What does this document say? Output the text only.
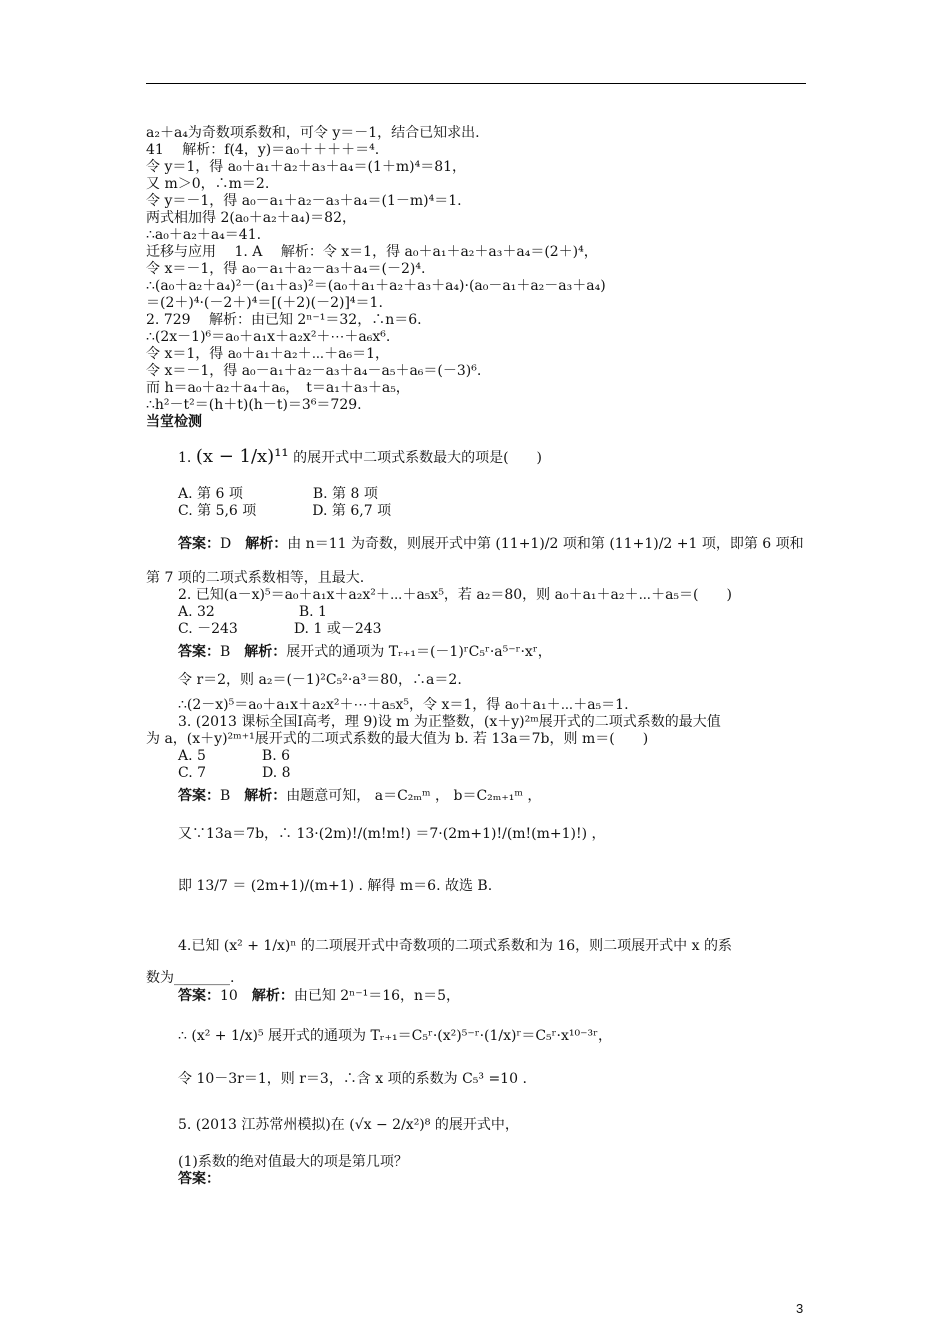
a₂＋a₄为奇数项系数和，可令 y＝－1，结合已知求出.
41　 解析：f(4，y)＝a₀＋＋＋＋＝⁴.
令 y＝1，得 a₀＋a₁＋a₂＋a₃＋a₄＝(1＋m)⁴＝81，
又 m＞0，∴m＝2.
令 y＝－1，得 a₀－a₁＋a₂－a₃＋a₄＝(1－m)⁴＝1.
两式相加得 2(a₀＋a₂＋a₄)＝82，
∴a₀＋a₂＋a₄＝41.
迁移与应用　 1. A　 解析：令 x＝1，得 a₀＋a₁＋a₂＋a₃＋a₄＝(2＋)⁴，
令 x＝－1，得 a₀－a₁＋a₂－a₃＋a₄＝(－2)⁴.
∴(a₀＋a₂＋a₄)²－(a₁＋a₃)²＝(a₀＋a₁＋a₂＋a₃＋a₄)·(a₀－a₁＋a₂－a₃＋a₄)
＝(2＋)⁴·(－2＋)⁴＝[(＋2)(－2)]⁴＝1.
2. 729　 解析：由已知 2ⁿ⁻¹＝32，∴n＝6.
∴(2x－1)⁶＝a₀＋a₁x＋a₂x²＋⋯＋a₆x⁶.
令 x＝1，得 a₀＋a₁＋a₂＋⋯＋a₆＝1，
令 x＝－1，得 a₀－a₁＋a₂－a₃＋a₄－a₅＋a₆＝(－3)⁶.
而 h＝a₀＋a₂＋a₄＋a₆，　t＝a₁＋a₃＋a₅，
∴h²－t²＝(h＋t)(h－t)＝3⁶＝729.
当堂检测
1. (x − 1/x)¹¹ 的展开式中二项式系数最大的项是(　　)
A. 第 6 项　　　　　B. 第 8 项
C. 第 5,6 项　　　　D. 第 6,7 项
答案：D　解析：由 n＝11 为奇数，则展开式中第 (11+1)/2 项和第 (11+1)/2 +1 项，即第 6 项和
第 7 项的二项式系数相等，且最大.
2. 已知(a－x)⁵＝a₀＋a₁x＋a₂x²＋⋯＋a₅x⁵，若 a₂＝80，则 a₀＋a₁＋a₂＋⋯＋a₅＝(　　)
A. 32　　　　　　B. 1
C. －243　　　　D. 1 或－243
答案：B　解析：展开式的通项为 Tᵣ₊₁＝(－1)ʳC₅ʳ·a⁵⁻ʳ·xʳ，
令 r＝2，则 a₂＝(－1)²C₅²·a³＝80，∴a＝2.
∴(2－x)⁵＝a₀＋a₁x＋a₂x²＋⋯＋a₅x⁵，令 x＝1，得 a₀＋a₁＋⋯＋a₅＝1.
3. (2013 课标全国Ⅰ高考，理 9)设 m 为正整数，(x＋y)²ᵐ展开式的二项式系数的最大值
为 a，(x＋y)²ᵐ⁺¹展开式的二项式系数的最大值为 b. 若 13a＝7b，则 m＝(　　)
A. 5　　　　B. 6
C. 7　　　　D. 8
答案：B　解析：由题意可知， a＝C₂ₘᵐ ， b＝C₂ₘ₊₁ᵐ ，
又∵13a＝7b，∴ 13·(2m)!/(m!m!) ＝7·(2m+1)!/(m!(m+1)!) ，
即 13/7 ＝ (2m+1)/(m+1) . 解得 m＝6. 故选 B.
4.已知 (x² + 1/x)ⁿ 的二项展开式中奇数项的二项式系数和为 16，则二项展开式中 x 的系
数为________.
答案：10　解析：由已知 2ⁿ⁻¹＝16，n＝5，
∴ (x² + 1/x)⁵ 展开式的通项为 Tᵣ₊₁＝C₅ʳ·(x²)⁵⁻ʳ·(1/x)ʳ＝C₅ʳ·x¹⁰⁻³ʳ，
令 10－3r＝1，则 r＝3，∴含 x 项的系数为 C₅³ =10 .
5. (2013 江苏常州模拟)在 (√x − 2/x²)⁸ 的展开式中，
(1)系数的绝对值最大的项是第几项？
答案：
3
